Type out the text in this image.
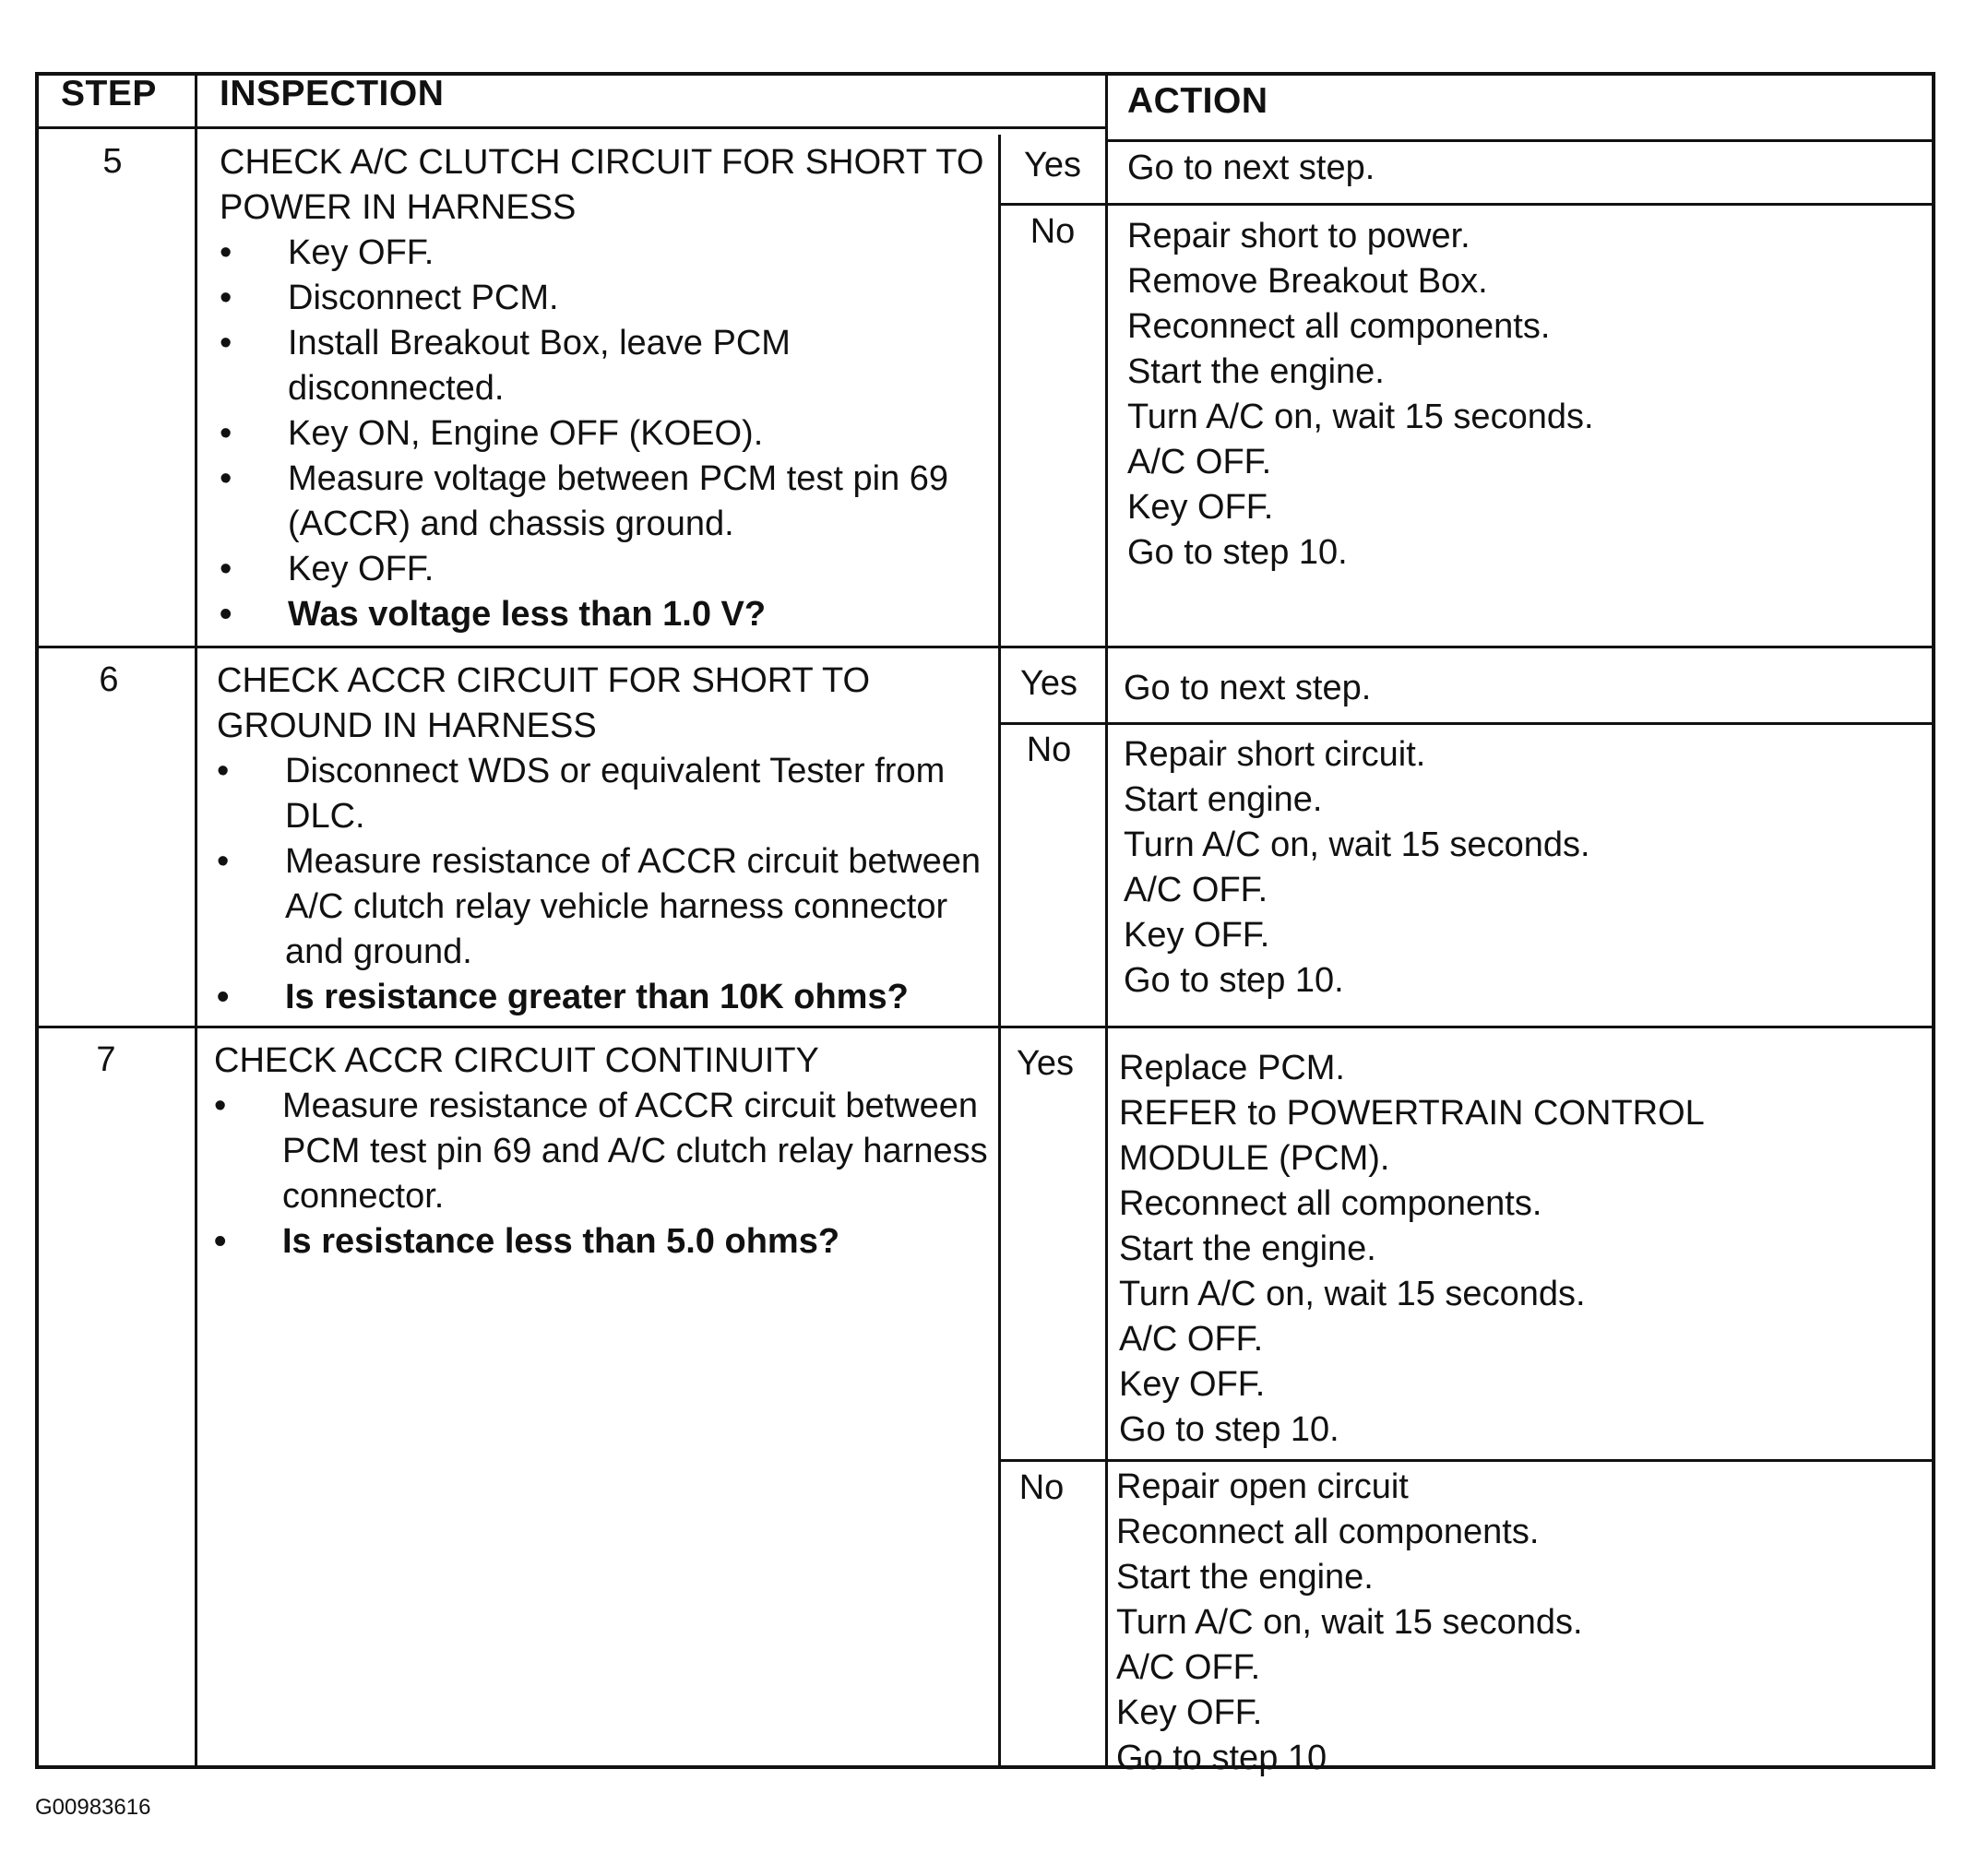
STEP INSPECTION	ACTION
5	CHECK A/C CLUTCH CIRCUIT FOR SHORT TO POWER IN HARNESS
• Key OFF.
• Disconnect PCM.
• Install Breakout Box, leave PCM disconnected.
• Key ON, Engine OFF (KOEO).
• Measure voltage between PCM test pin 69 (ACCR) and chassis ground.
• Key OFF.
• Was voltage less than 1.0 V?
Yes	Go to next step.
No	Repair short to power.
Remove Breakout Box.
Reconnect all components.
Start the engine.
Turn A/C on, wait 15 seconds.
A/C OFF.
Key OFF.
Go to step 10.
6	CHECK ACCR CIRCUIT FOR SHORT TO GROUND IN HARNESS
• Disconnect WDS or equivalent Tester from DLC.
• Measure resistance of ACCR circuit between A/C clutch relay vehicle harness connector and ground.
• Is resistance greater than 10K ohms?
Yes	Go to next step.
No	Repair short circuit.
Start engine.
Turn A/C on, wait 15 seconds.
A/C OFF.
Key OFF.
Go to step 10.
7	CHECK ACCR CIRCUIT CONTINUITY
• Measure resistance of ACCR circuit between PCM test pin 69 and A/C clutch relay harness connector.
• Is resistance less than 5.0 ohms?
Yes	Replace PCM.
REFER to POWERTRAIN CONTROL
MODULE (PCM).
Reconnect all components.
Start the engine.
Turn A/C on, wait 15 seconds.
A/C OFF.
Key OFF.
Go to step 10.
No	Repair open circuit
Reconnect all components.
Start the engine.
Turn A/C on, wait 15 seconds.
A/C OFF.
Key OFF.
Go to step 10.
G00983616
